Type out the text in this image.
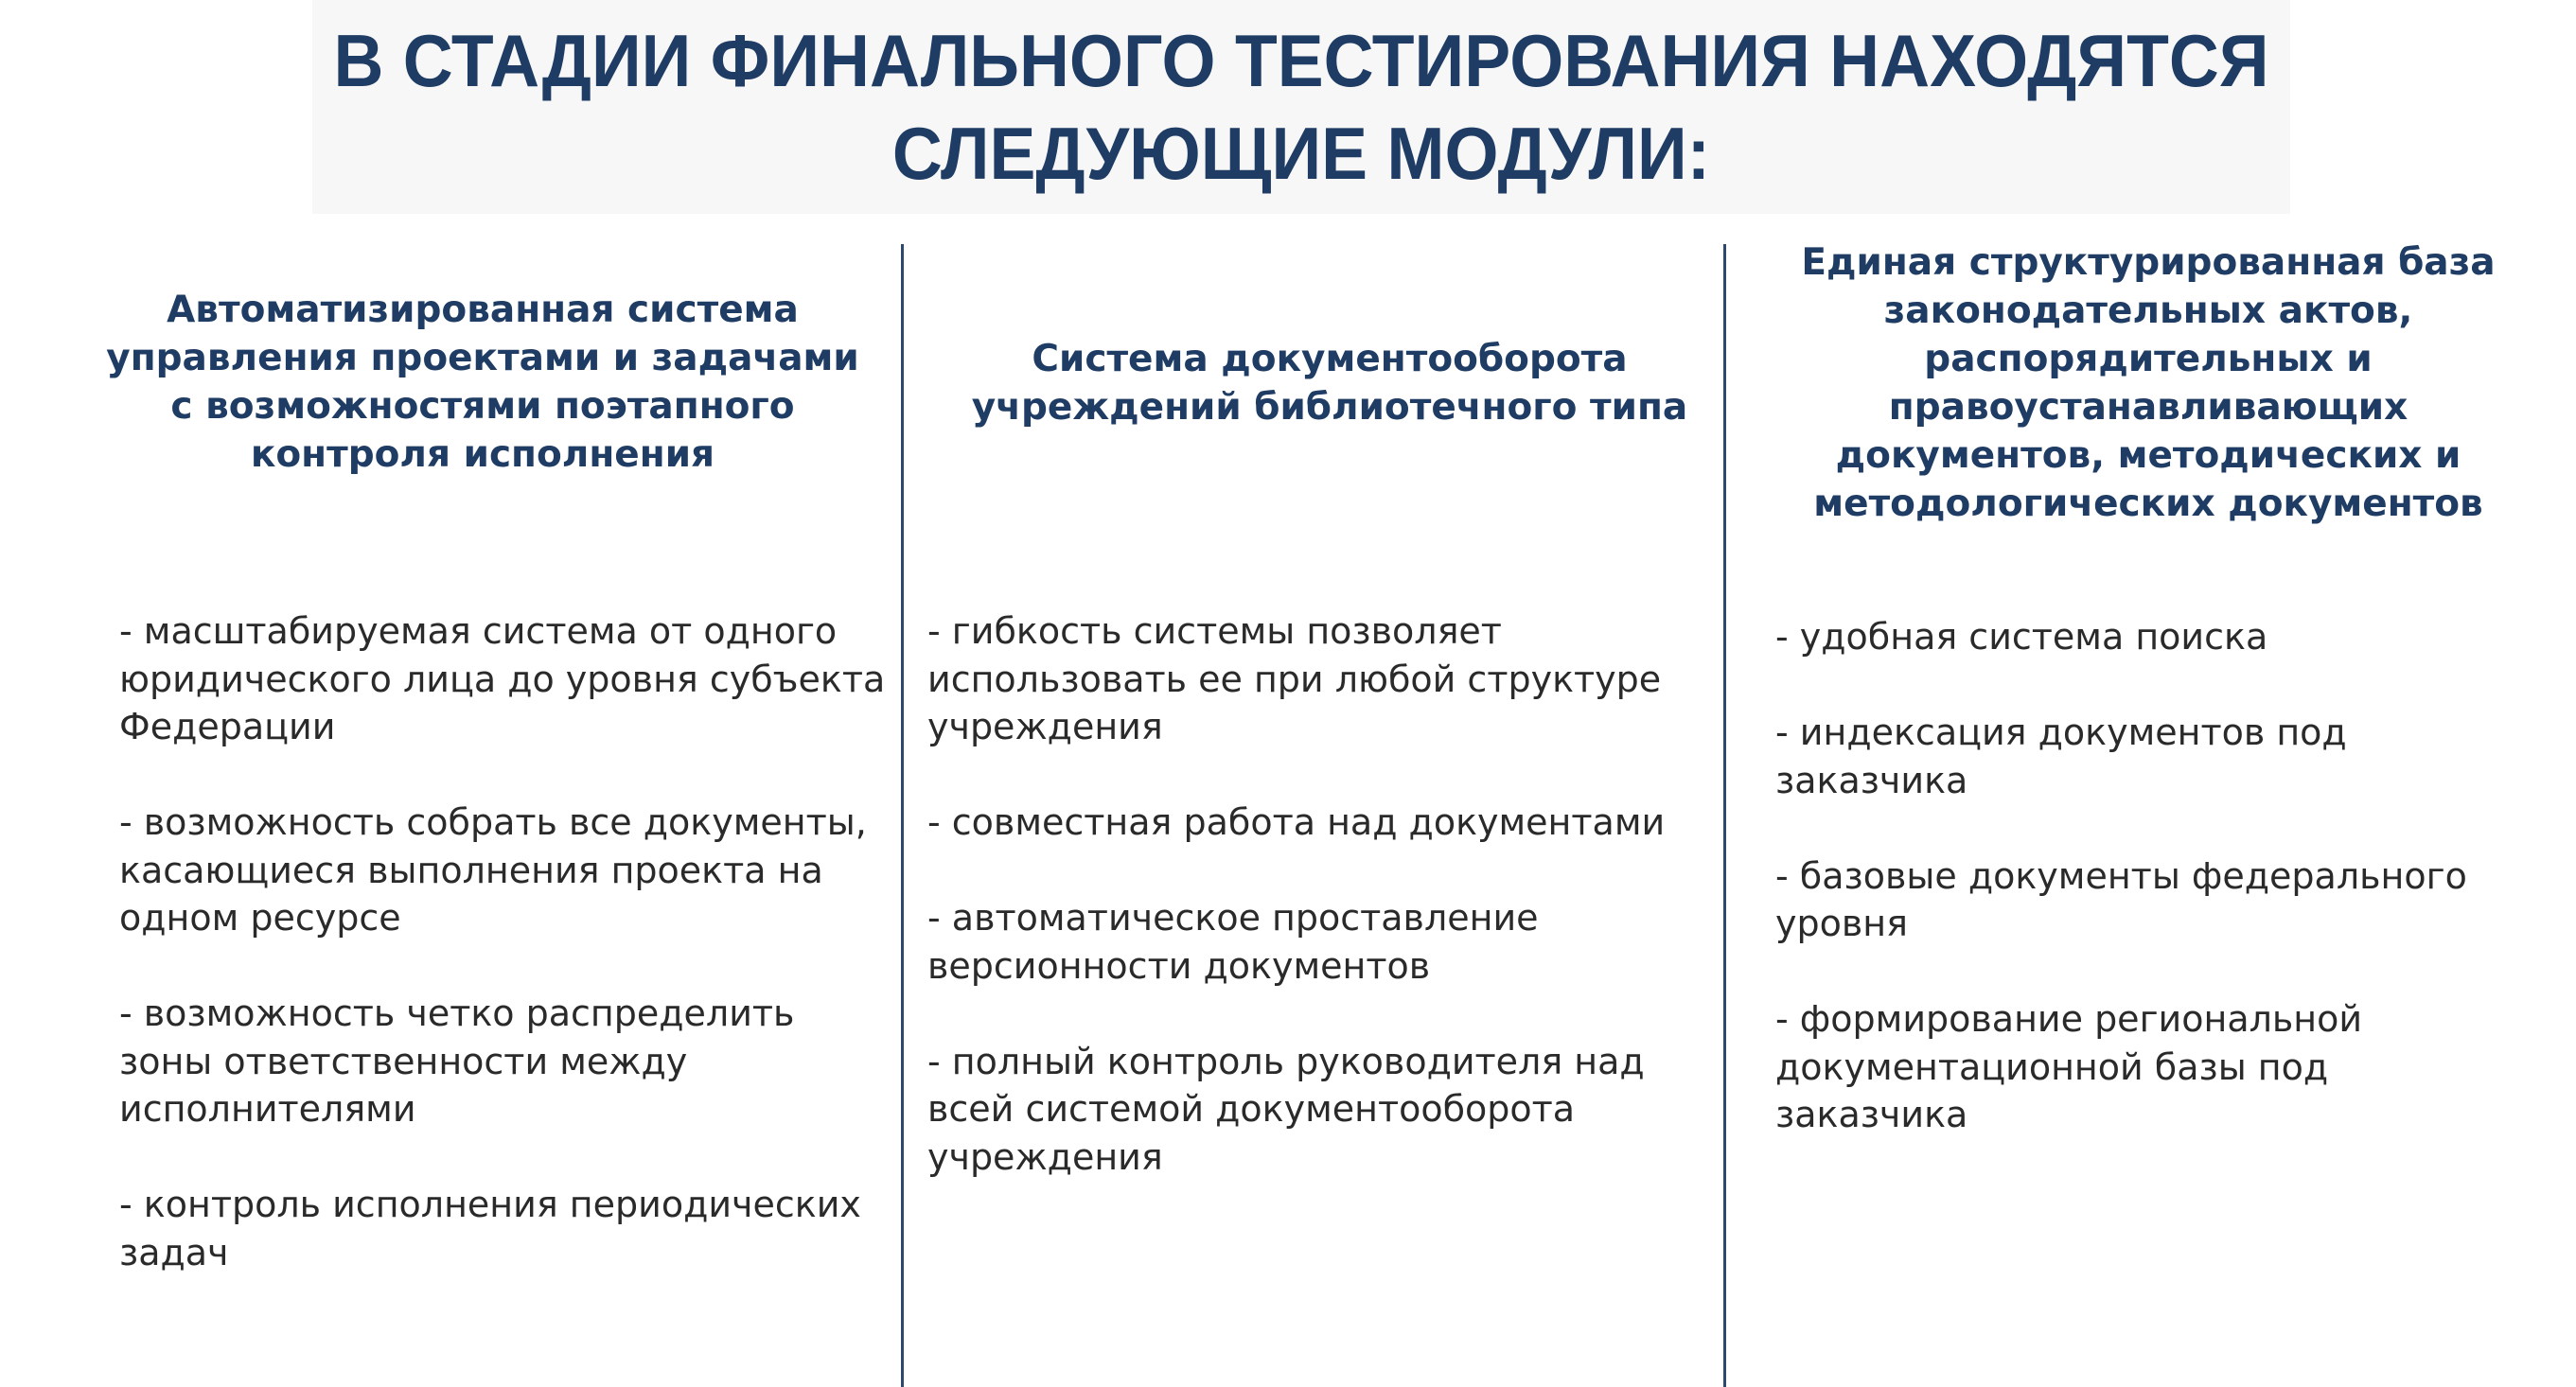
В СТАДИИ ФИНАЛЬНОГО ТЕСТИРОВАНИЯ НАХОДЯТСЯ
СЛЕДУЮЩИЕ МОДУЛИ:
Автоматизированная система
управления проектами и задачами
с возможностями поэтапного
контроля исполнения
- масштабируемая система от одного
юридического лица до уровня субъекта
Федерации
- возможность собрать все документы,
касающиеся выполнения проекта на
одном ресурсе
- возможность четко распределить
зоны ответственности между
исполнителями
- контроль исполнения периодических
задач
Система документооборота
учреждений библиотечного типа
- гибкость системы позволяет
использовать ее при любой структуре
учреждения
- совместная работа над документами
- автоматическое проставление
версионности документов
- полный контроль руководителя над
всей системой документооборота
учреждения
Единая структурированная база
законодательных актов,
распорядительных и
правоустанавливающих
документов, методических и
методологических документов
- удобная система поиска
- индексация документов под
заказчика
- базовые документы федерального
уровня
- формирование региональной
документационной базы под
заказчика
